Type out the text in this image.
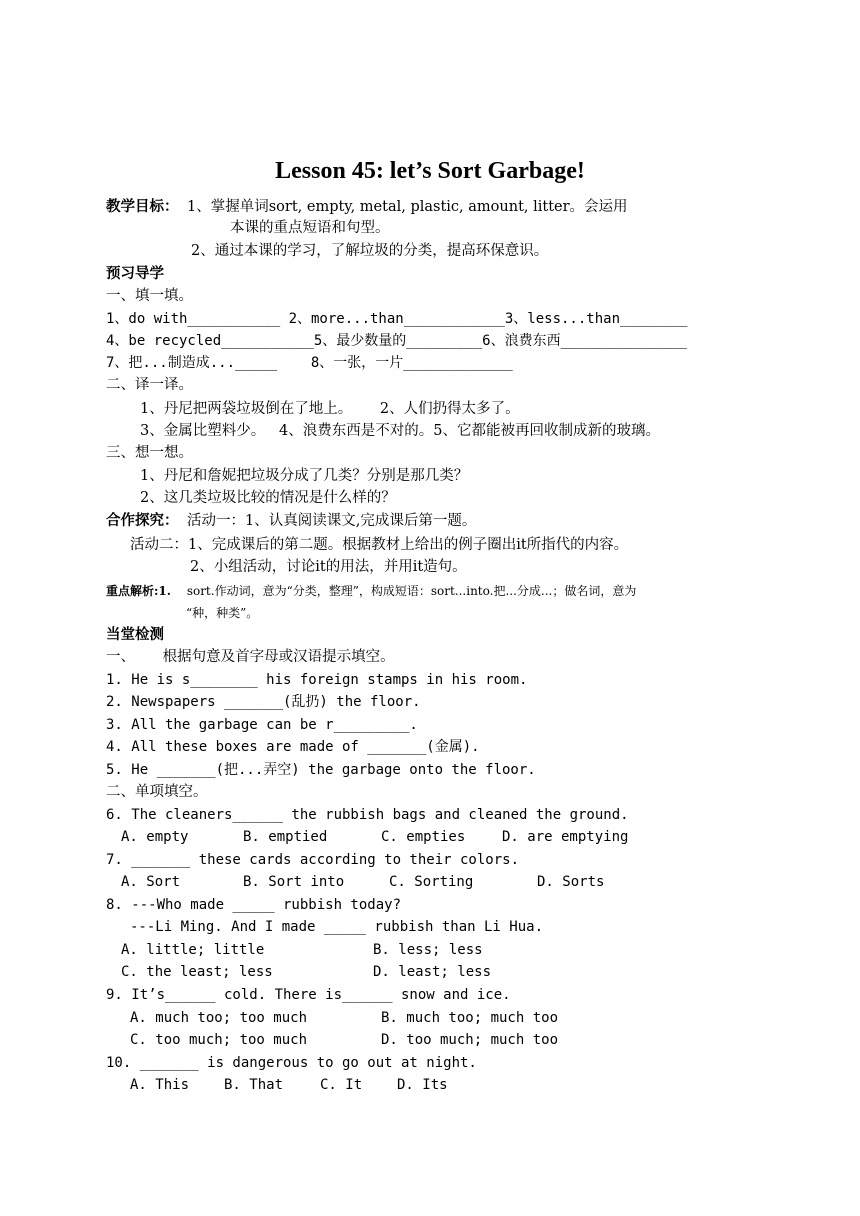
Lesson 45: let’s Sort Garbage!
教学目标： 1、掌握单词sort, empty, metal, plastic, amount, litter。会运用
本课的重点短语和句型。
2、通过本课的学习，了解垃圾的分类，提高环保意识。
预习导学
一、填一填。
1、do with___________ 2、more...than____________3、less...than________
4、be recycled___________5、最少数量的_________6、浪费东西_______________
7、把...制造成..._____    8、一张，一片_____________
二、译一译。
1、丹尼把两袋垃圾倒在了地上。      2、人们扔得太多了。
3、金属比塑料少。   4、浪费东西是不对的。5、它都能被再回收制成新的玻璃。
三、想一想。
1、丹尼和詹妮把垃圾分成了几类？分别是那几类？
2、这几类垃圾比较的情况是什么样的？
合作探究： 活动一：1、认真阅读课文,完成课后第一题。
活动二：1、完成课后的第二题。根据教材上给出的例子圈出it所指代的内容。
2、小组活动，讨论it的用法，并用it造句。
重点解析:1. sort.作动词，意为“分类，整理”，构成短语：sort...into.把...分成...；做名词，意为
“种，种类”。
当堂检测
一、      根据句意及首字母或汉语提示填空。
1. He is s________ his foreign stamps in his room.
2. Newspapers _______(乱扔) the floor.
3. All the garbage can be r_________.
4. All these boxes are made of _______(金属).
5. He _______(把...弄空) the garbage onto the floor.
二、单项填空。
6. The cleaners______ the rubbish bags and cleaned the ground.
A. empty	B. emptied	C. empties	D. are emptying
7. _______ these cards according to their colors.
A. Sort	B. Sort into	C. Sorting	D. Sorts
8. ---Who made _____ rubbish today?
---Li Ming. And I made _____ rubbish than Li Hua.
A. little; little	B. less; less
C. the least; less	D. least; less
9. It’s______ cold. There is______ snow and ice.
A. much too; too much	B. much too; much too
C. too much; too much	D. too much; much too
10. _______ is dangerous to go out at night.
A. This B. That	C. It D. Its
